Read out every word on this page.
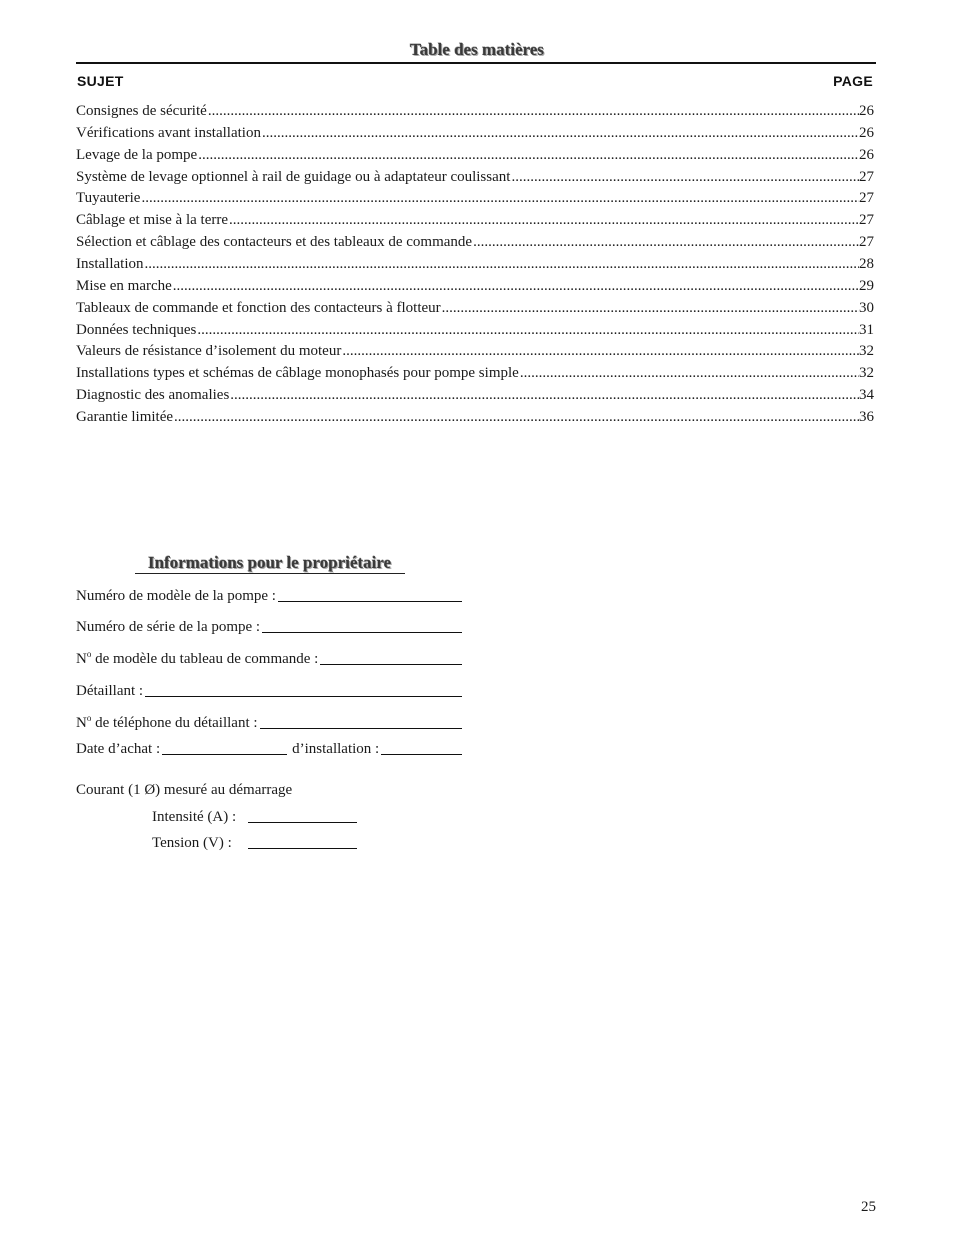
Table des matières
SUJET	PAGE
Consignes de sécurité .....	26
Vérifications avant installation .....	26
Levage de la pompe .....	26
Système de levage optionnel à rail de guidage ou à adaptateur coulissant .....	27
Tuyauterie .....	27
Câblage et mise à la terre .....	27
Sélection et câblage des contacteurs et des tableaux de commande .....	27
Installation .....	28
Mise en marche .....	29
Tableaux de commande et fonction des contacteurs à flotteur .....	30
Données techniques .....	31
Valeurs de résistance d’isolement du moteur .....	32
Installations types et schémas de câblage monophasés pour pompe simple .....	32
Diagnostic des anomalies .....	34
Garantie limitée .....	36
Informations pour le propriétaire
Numéro de modèle de la pompe :
Numéro de série de la pompe :
$N^o$ de modèle du tableau de commande :
Détaillant :
$N^o$ de téléphone du détaillant :
Date d’achat :	d’installation :
Courant (1 Ø) mesuré au démarrage
Intensité (A) :
Tension (V) :
25
